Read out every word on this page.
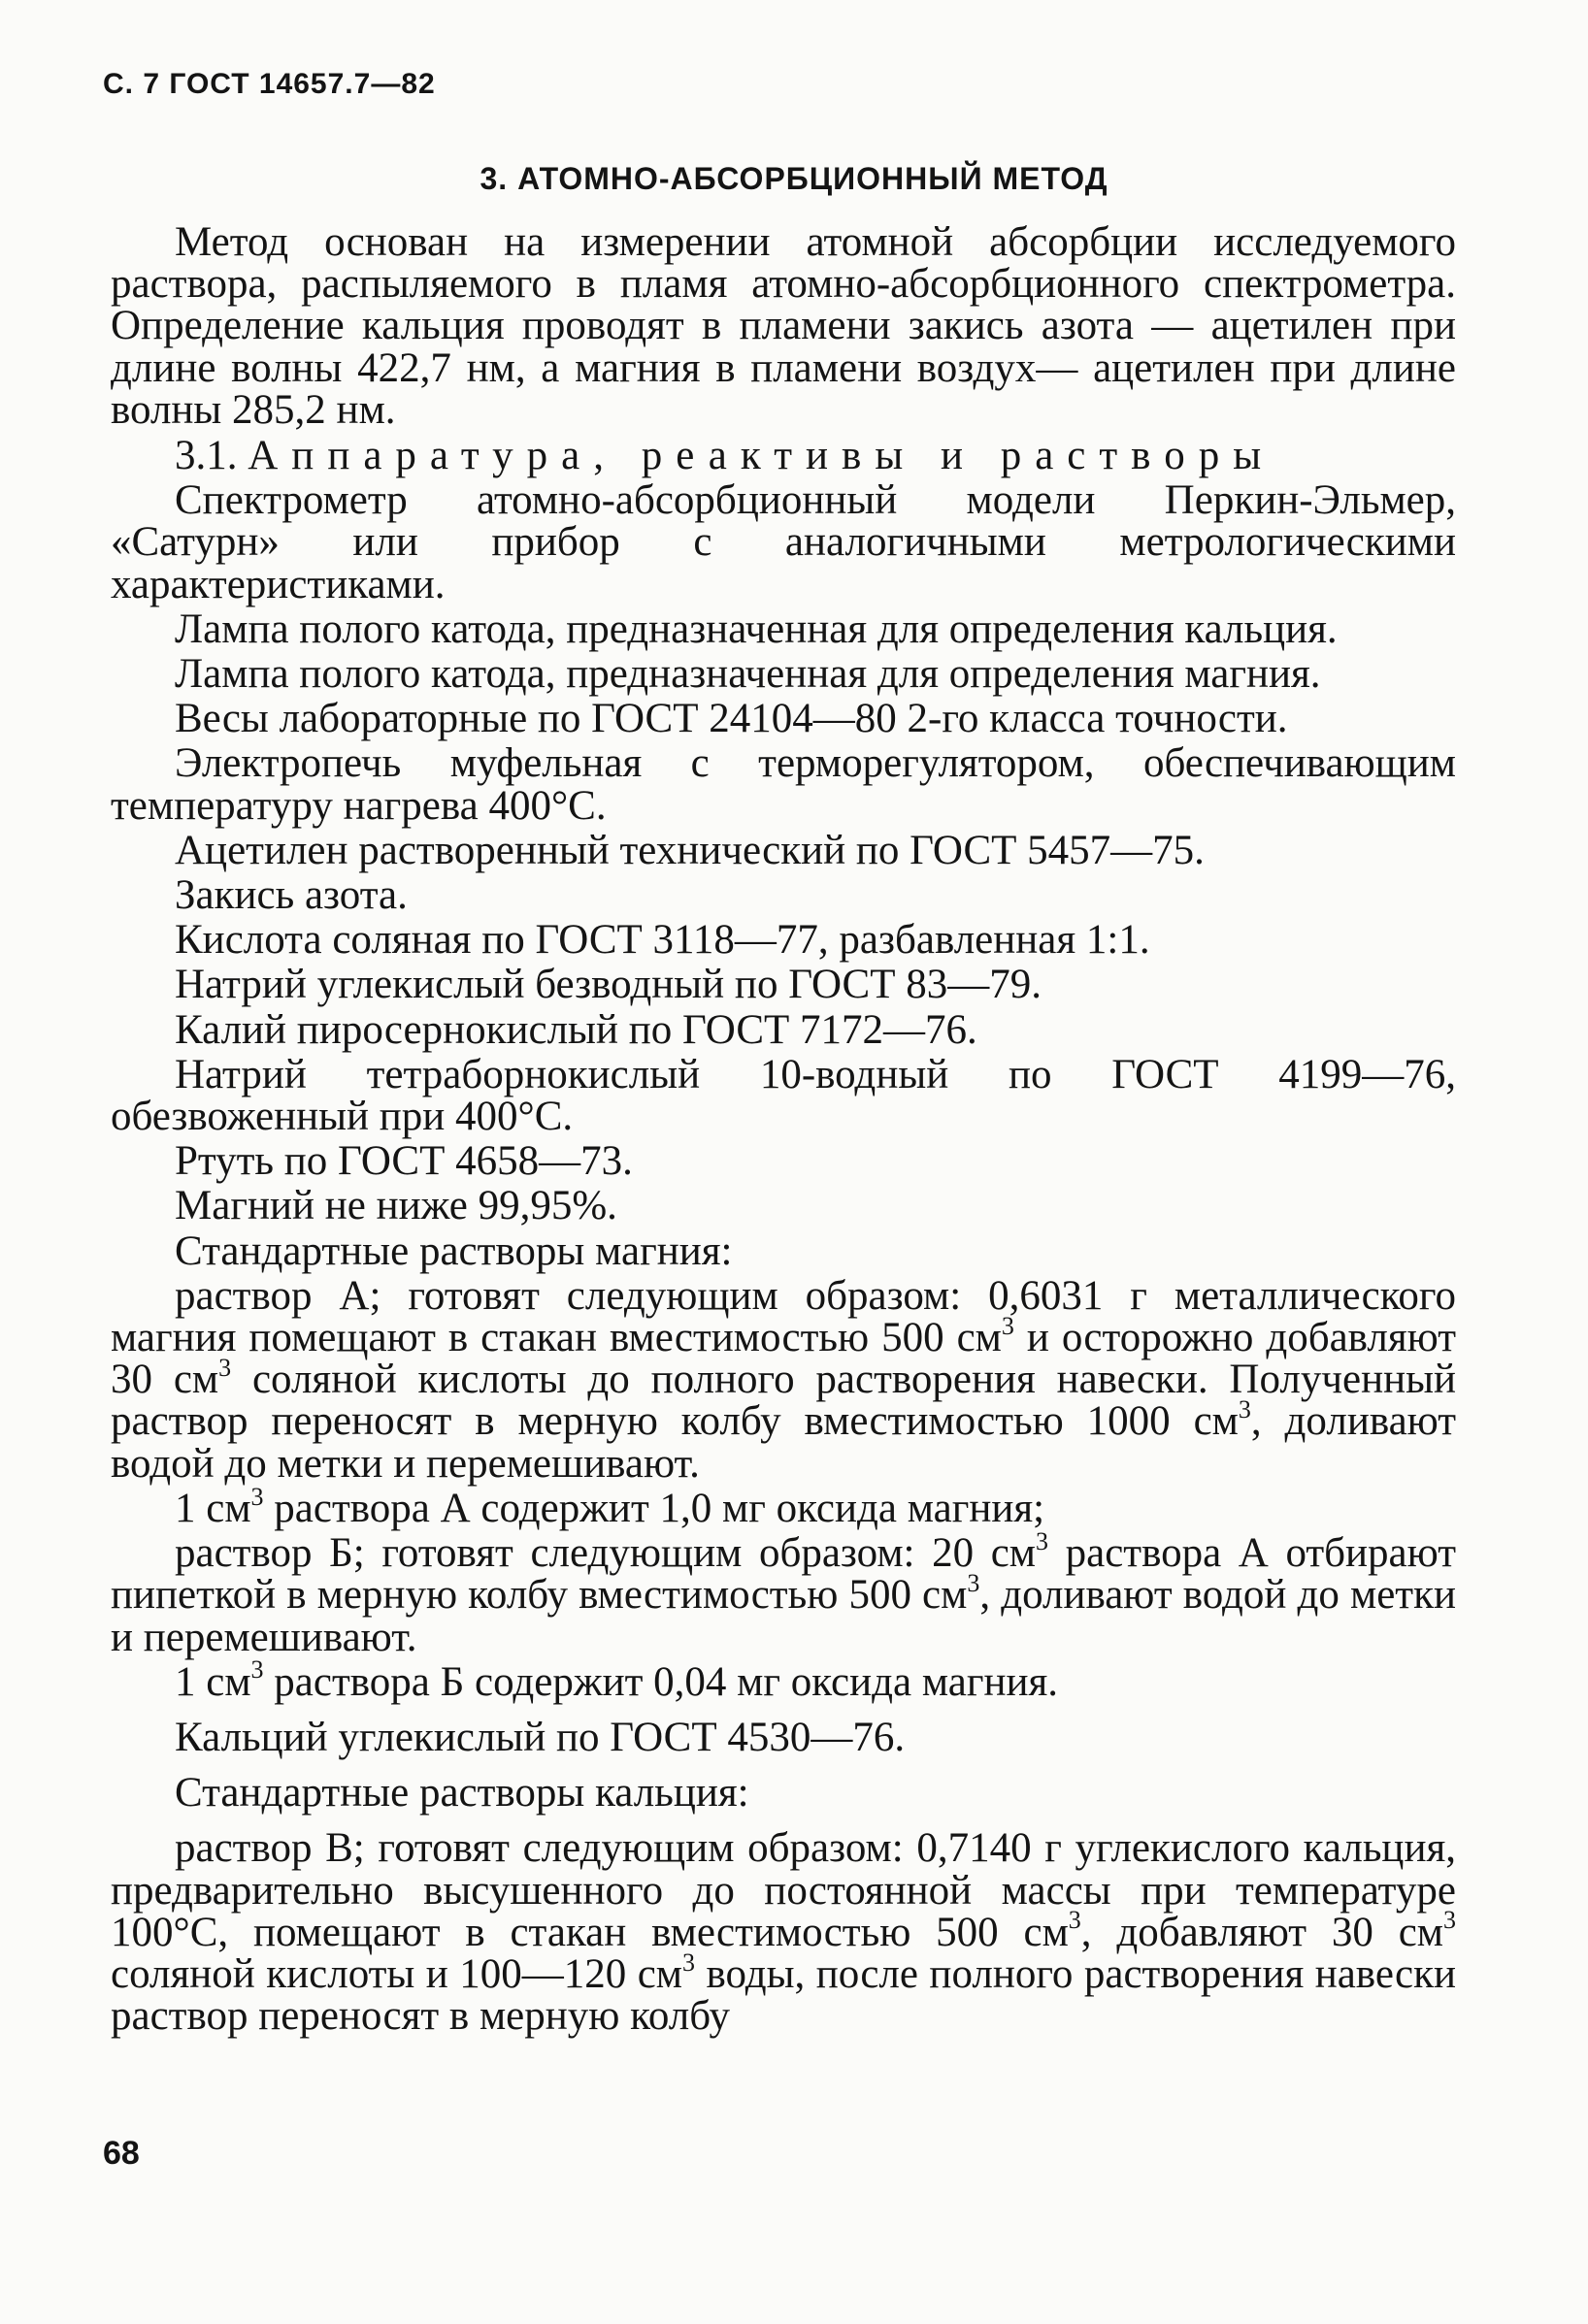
С. 7 ГОСТ 14657.7—82
3. АТОМНО-АБСОРБЦИОННЫЙ МЕТОД

Метод основан на измерении атомной абсорбции исследуемого раствора, распыляемого в пламя атомно-абсорбционного спектрометра. Определение кальция проводят в пламени закись азота — ацетилен при длине волны 422,7 нм, а магния в пламени воздух— ацетилен при длине волны 285,2 нм.

3.1. Аппаратура, реактивы и растворы

Спектрометр атомно-абсорбционный модели Перкин-Эльмер, «Сатурн» или прибор с аналогичными метрологическими характеристиками.

Лампа полого катода, предназначенная для определения кальция.

Лампа полого катода, предназначенная для определения магния.

Весы лабораторные по ГОСТ 24104—80 2-го класса точности.

Электропечь муфельная с терморегулятором, обеспечивающим температуру нагрева 400°С.

Ацетилен растворенный технический по ГОСТ 5457—75.

Закись азота.

Кислота соляная по ГОСТ 3118—77, разбавленная 1:1.

Натрий углекислый безводный по ГОСТ 83—79.

Калий пиросернокислый по ГОСТ 7172—76.

Натрий тетраборнокислый 10-водный по ГОСТ 4199—76, обезвоженный при 400°С.

Ртуть по ГОСТ 4658—73.

Магний не ниже 99,95%.

Стандартные растворы магния:

раствор А; готовят следующим образом: 0,6031 г металлического магния помещают в стакан вместимостью 500 $см^3$ и осторожно добавляют 30 $см^3$ соляной кислоты до полного растворения навески. Полученный раствор переносят в мерную колбу вместимостью 1000 $см^3$, доливают водой до метки и перемешивают.

1 $см^3$ раствора А содержит 1,0 мг оксида магния;

раствор Б; готовят следующим образом: 20 $см^3$ раствора А отбирают пипеткой в мерную колбу вместимостью 500 $см^3$, доливают водой до метки и перемешивают.

1 $см^3$ раствора Б содержит 0,04 мг оксида магния.

Кальций углекислый по ГОСТ 4530—76.

Стандартные растворы кальция:

раствор В; готовят следующим образом: 0,7140 г углекислого кальция, предварительно высушенного до постоянной массы при температуре 100°С, помещают в стакан вместимостью 500 $см^3$, добавляют 30 $см^3$ соляной кислоты и 100—120 $см^3$ воды, после полного растворения навески раствор переносят в мерную колбу

68
